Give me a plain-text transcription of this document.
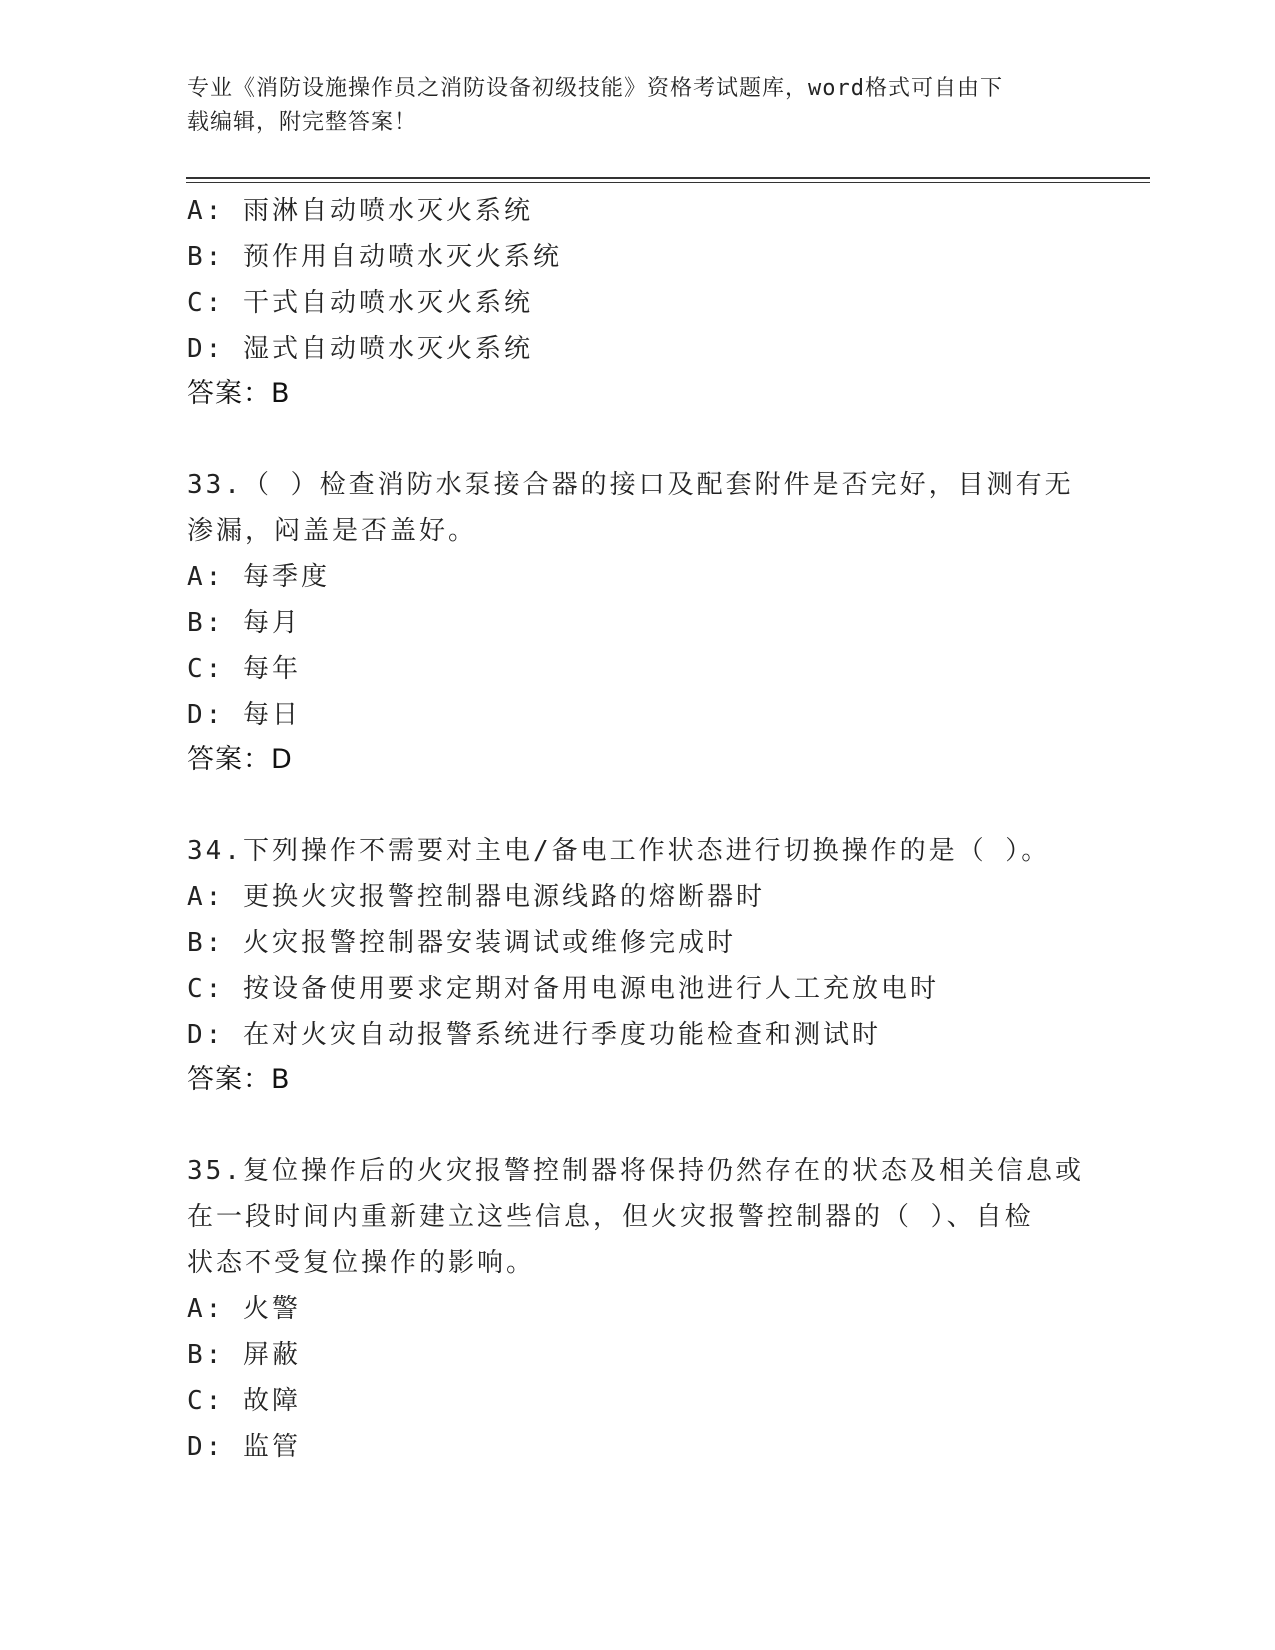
专业《消防设施操作员之消防设备初级技能》资格考试题库，word格式可自由下
载编辑，附完整答案！
A: 雨淋自动喷水灭火系统
B: 预作用自动喷水灭火系统
C: 干式自动喷水灭火系统
D: 湿式自动喷水灭火系统
答案：B
33.（ ）检查消防水泵接合器的接口及配套附件是否完好，目测有无
渗漏，闷盖是否盖好。
A: 每季度
B: 每月
C: 每年
D: 每日
答案：D
34.下列操作不需要对主电/备电工作状态进行切换操作的是（ ）。
A: 更换火灾报警控制器电源线路的熔断器时
B: 火灾报警控制器安装调试或维修完成时
C: 按设备使用要求定期对备用电源电池进行人工充放电时
D: 在对火灾自动报警系统进行季度功能检查和测试时
答案：B
35.复位操作后的火灾报警控制器将保持仍然存在的状态及相关信息或
在一段时间内重新建立这些信息，但火灾报警控制器的（ ）、自检
状态不受复位操作的影响。
A: 火警
B: 屏蔽
C: 故障
D: 监管
